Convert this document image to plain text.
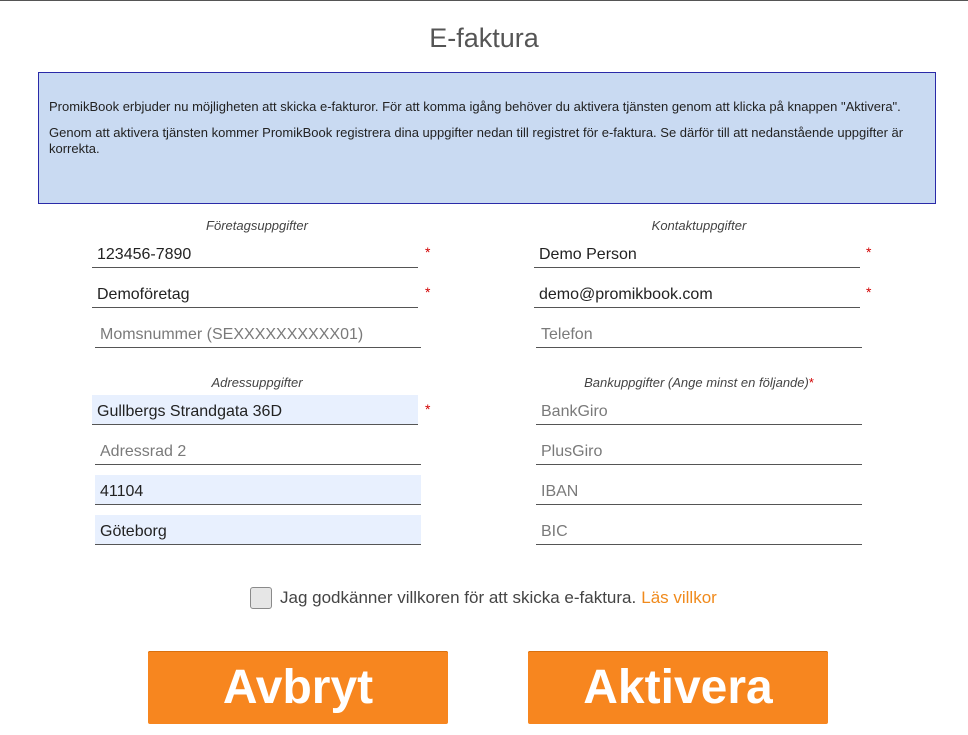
E-faktura

PromikBook erbjuder nu möjligheten att skicka e-fakturor. För att komma igång behöver du aktivera tjänsten genom att klicka på knappen "Aktivera".

Genom att aktivera tjänsten kommer PromikBook registrera dina uppgifter nedan till registret för e-faktura. Se därför till att nedanstående uppgifter är korrekta.

Företagsuppgifter
123456-7890
*
Demoföretag
*
Momsnummer (SEXXXXXXXXXX01)
Kontaktuppgifter
Demo Person
*
demo@promikbook.com
*
Telefon
Adressuppgifter
Gullbergs Strandgata 36D
*
Adressrad 2
41104
Göteborg
Bankuppgifter (Ange minst en följande)*
BankGiro
PlusGiro
IBAN
BIC
Jag godkänner villkoren för att skicka e-faktura. Läs villkor
Avbryt	Aktivera
